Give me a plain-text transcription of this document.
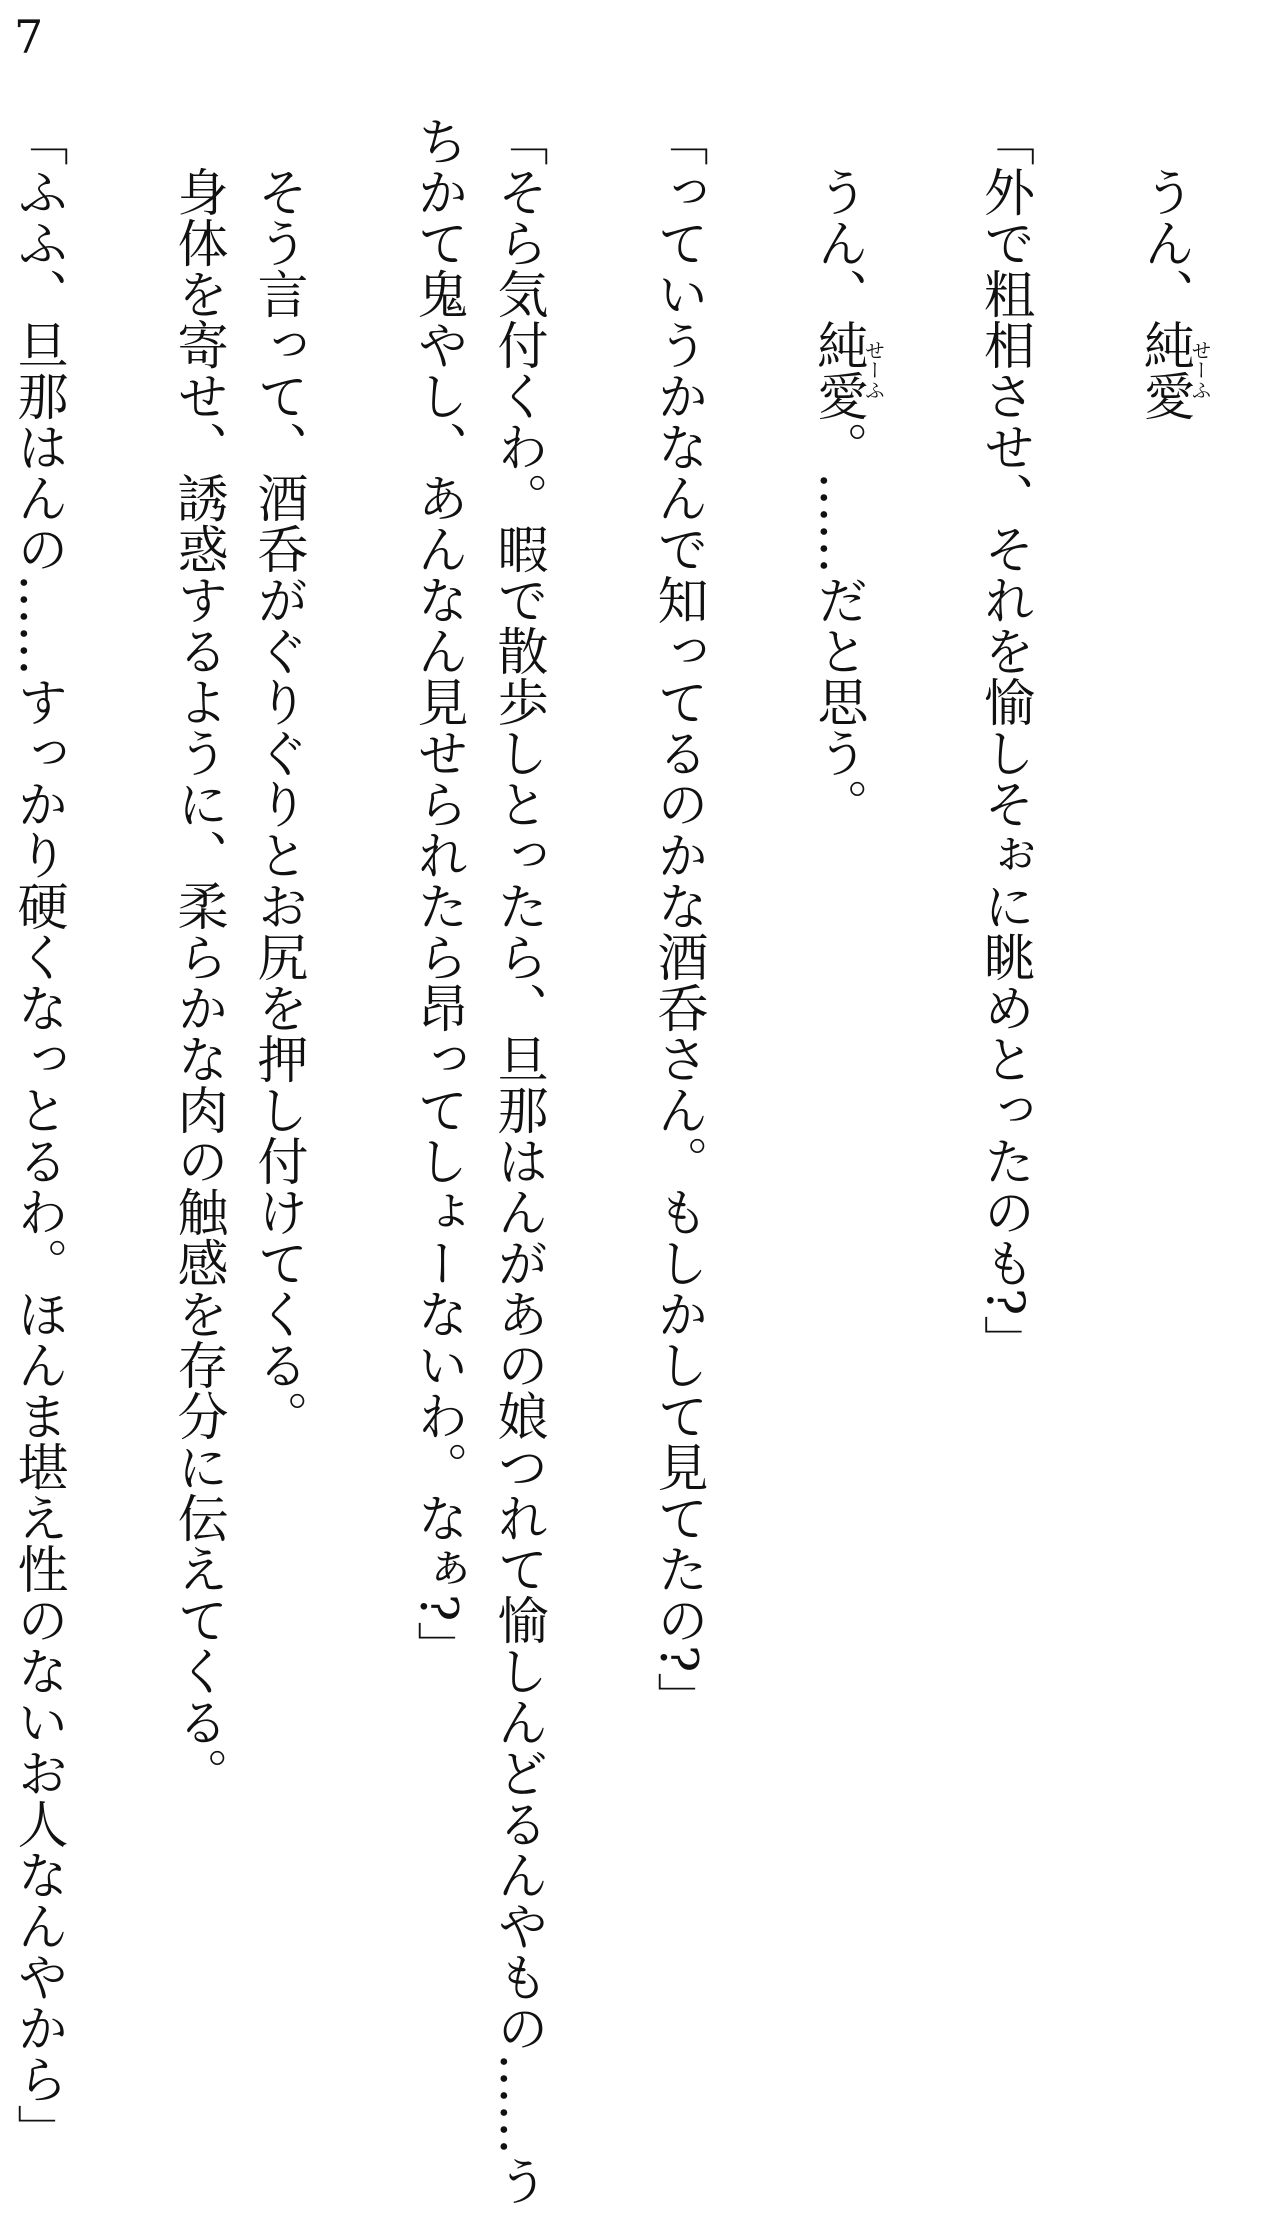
7

うん、純愛せーふ

「外で粗相させ、それを愉しそぉに眺めとったのも?」

うん、純愛せーふ。……だと思う。

「っていうかなんで知ってるのかな酒呑さん。もしかして見てたの?」

「そら気付くわ。暇で散歩しとったら、旦那はんがあの娘つれて愉しんどるんやもの……う
ちかて鬼やし、あんなん見せられたら昂ってしょーないわ。なぁ?」

そう言って、酒呑がぐりぐりとお尻を押し付けてくる。

身体を寄せ、誘惑するように、柔らかな肉の触感を存分に伝えてくる。

「ふふ、旦那はんの……すっかり硬くなっとるわ。ほんま堪え性のないお人なんやから」
